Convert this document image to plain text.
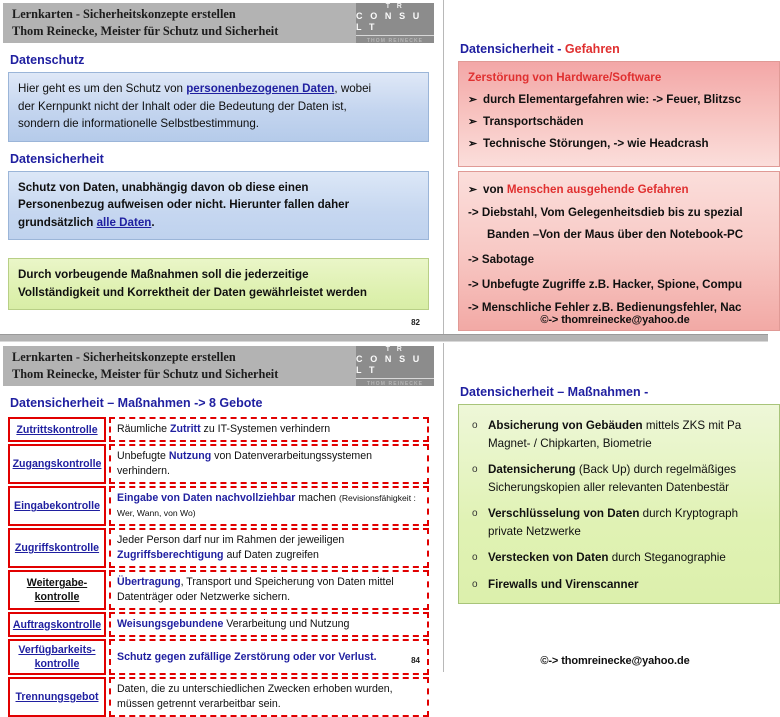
Lernkarten - Sicherheitskonzepte erstellen
Thom Reinecke, Meister für Schutz und Sicherheit
T R
C O N S U L T
THOM REINECKE
Datenschutz
Hier geht es um den Schutz von personenbezogenen Daten, wobei
der Kernpunkt nicht der Inhalt oder die Bedeutung der Daten ist,
sondern die informationelle Selbstbestimmung.
Datensicherheit
Schutz von Daten, unabhängig davon ob diese einen
Personenbezug aufweisen oder nicht. Hierunter fallen daher
grundsätzlich alle Daten.
Durch vorbeugende Maßnahmen soll die jederzeitige
Vollständigkeit und Korrektheit der Daten gewährleistet werden
82
Datensicherheit - Gefahren
Zerstörung von Hardware/Software
➢ durch Elementargefahren wie: -> Feuer, Blitzsc
➢ Transportschäden
➢ Technische Störungen, -> wie Headcrash
➢ von Menschen ausgehende Gefahren
-> Diebstahl, Vom Gelegenheitsdieb bis zu spezial
Banden –Von der Maus über den Notebook-PC
-> Sabotage
-> Unbefugte Zugriffe z.B. Hacker, Spione, Compu
-> Menschliche Fehler z.B. Bedienungsfehler, Nac
©-> thomreinecke@yahoo.de
Lernkarten - Sicherheitskonzepte erstellen
Thom Reinecke, Meister für Schutz und Sicherheit
T R
C O N S U L T
THOM REINECKE
Datensicherheit – Maßnahmen -> 8 Gebote
Zutrittskontrolle	Räumliche Zutritt zu IT-Systemen verhindern
Zugangskontrolle
Unbefugte Nutzung von Datenverarbeitungssystemen verhindern.
Eingabekontrolle
Eingabe von Daten nachvollziehbar machen (Revisionsfähigkeit : Wer, Wann, von Wo)
Zugriffskontrolle
Jeder Person darf nur im Rahmen der jeweiligen Zugriffsberechtigung auf Daten zugreifen
Weitergabe-kontrolle
Übertragung, Transport und Speicherung von Daten mittel Datenträger oder Netzwerke sichern.
Auftragskontrolle	Weisungsgebundene Verarbeitung und Nutzung
Verfügbarkeits-kontrolle
Schutz gegen zufällige Zerstörung oder vor Verlust.
Trennungsgebot
Daten, die zu unterschiedlichen Zwecken erhoben wurden, müssen getrennt verarbeitbar sein.
84
Datensicherheit – Maßnahmen -
o Absicherung von Gebäuden mittels ZKS mit Pa
Magnet- / Chipkarten, Biometrie
o Datensicherung (Back Up) durch regelmäßiges
Sicherungskopien aller relevanten Datenbestär
o Verschlüsselung von Daten durch Kryptograph
private Netzwerke
o Verstecken von Daten durch Steganographie
o Firewalls und Virenscanner
©-> thomreinecke@yahoo.de
